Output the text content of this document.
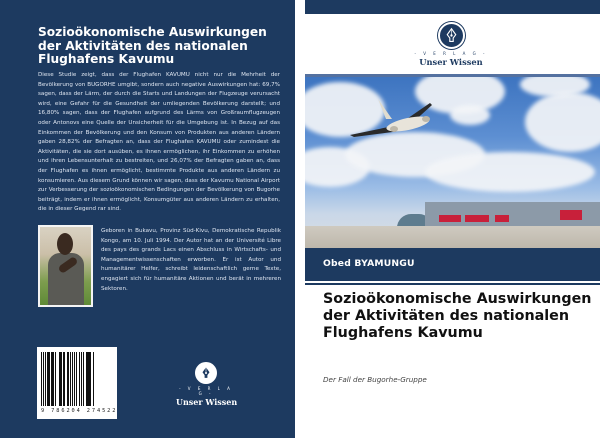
Sozioökonomische Auswirkungen der Aktivitäten des nationalen Flughafens Kavumu
Diese Studie zeigt, dass der Flughafen KAVUMU nicht nur die Mehrheit der Bevölkerung von BUGORHE umgibt, sondern auch negative Auswirkungen hat: 69,7% sagen, dass der Lärm, der durch die Starts und Landungen der Flugzeuge verursacht wird, eine Gefahr für die Gesundheit der umliegenden Bevölkerung darstellt; und 16,80% sagen, dass der Flughafen aufgrund des Lärms von Großraumflugzeugen oder Antonovs eine Quelle der Unsicherheit für die Umgebung ist. In Bezug auf das Einkommen der Bevölkerung und den Konsum von Produkten aus anderen Ländern gaben 28,82% der Befragten an, dass der Flughafen KAVUMU oder zumindest die Aktivitäten, die sie dort ausüben, es ihnen ermöglichen, ihr Einkommen zu erhöhen und ihren Lebensunterhalt zu bestreiten, und 26,07% der Befragten gaben an, dass der Flughafen es ihnen ermöglicht, bestimmte Produkte aus anderen Ländern zu konsumieren. Aus diesem Grund können wir sagen, dass der Kavumu National Airport zur Verbesserung der sozioökonomischen Bedingungen der Bevölkerung von Bugorhe beiträgt, indem er ihnen ermöglicht, Konsumgüter aus anderen Ländern zu erhalten, die in dieser Gegend rar sind.
Geboren in Bukavu, Provinz Süd-Kivu, Demokratische Republik Kongo, am 10. Juli 1994. Der Autor hat an der Université Libre des pays des grands Lacs einen Abschluss in Wirtschafts- und Managementwissenschaften erworben. Er ist Autor und humanitärer Helfer, schreibt leidenschaftlich gerne Texte, engagiert sich für humanitäre Aktionen und berät in mehreren Sektoren.
9 786204 274522
- V E R L A G -
Unser Wissen
- V E R L A G -
Unser Wissen
Obed BYAMUNGU
Sozioökonomische Auswirkungen der Aktivitäten des nationalen Flughafens Kavumu
Der Fall der Bugorhe-Gruppe
